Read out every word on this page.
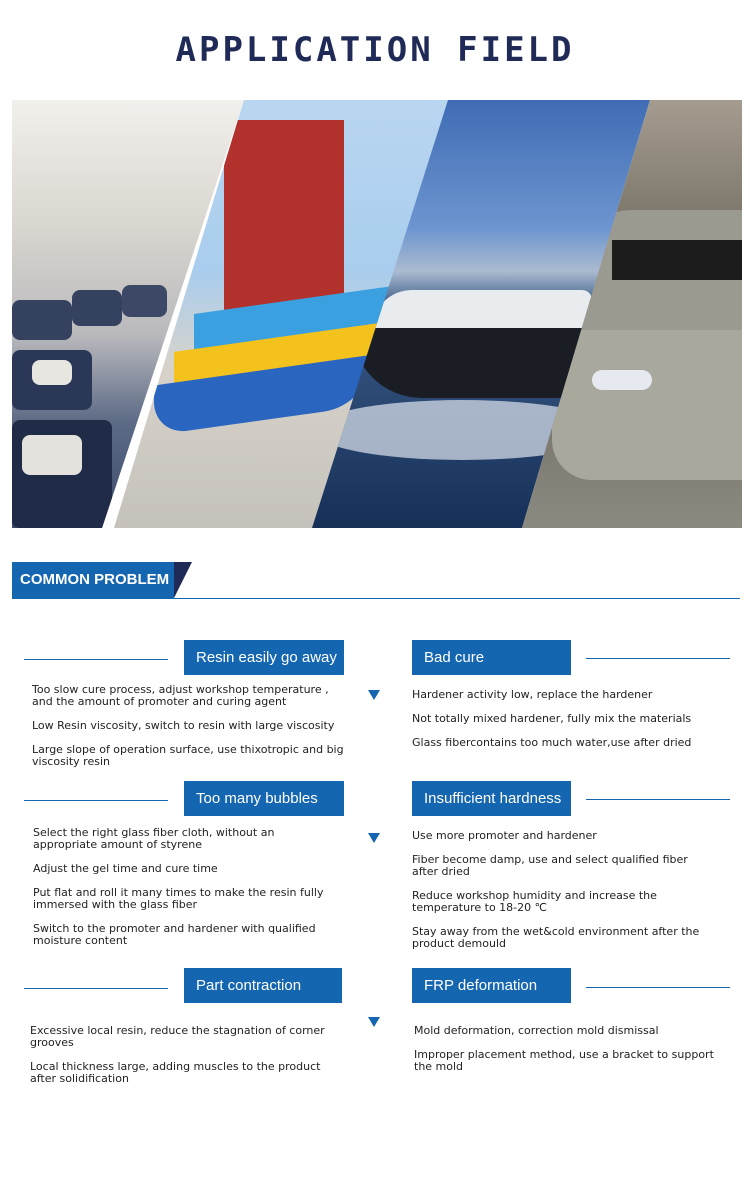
APPLICATION FIELD
COMMON PROBLEM
Resin easily go away	Bad cure
Too slow cure process, adjust workshop temperature , and the amount of promoter and curing agent
Low Resin viscosity, switch to resin with large viscosity
Large slope of operation surface, use thixotropic and big viscosity resin
Hardener activity low, replace the hardener
Not totally mixed hardener, fully mix the materials
Glass fibercontains too much water,use after dried
Too many bubbles	Insufficient hardness
Select the right glass fiber cloth, without an appropriate amount of styrene
Adjust the gel time and cure time
Put flat and roll it many times to make the resin fully immersed with the glass fiber
Switch to the promoter and hardener with qualified moisture content
Use more promoter and hardener
Fiber become damp, use and select qualified fiber after dried
Reduce workshop humidity and increase the temperature to 18-20 ℃
Stay away from the wet&cold environment after the product demould
Part contraction	FRP deformation
Excessive local resin, reduce the stagnation of corner grooves
Local thickness large, adding muscles to the product after solidification
Mold deformation, correction mold dismissal
Improper placement method, use a bracket to support the mold
